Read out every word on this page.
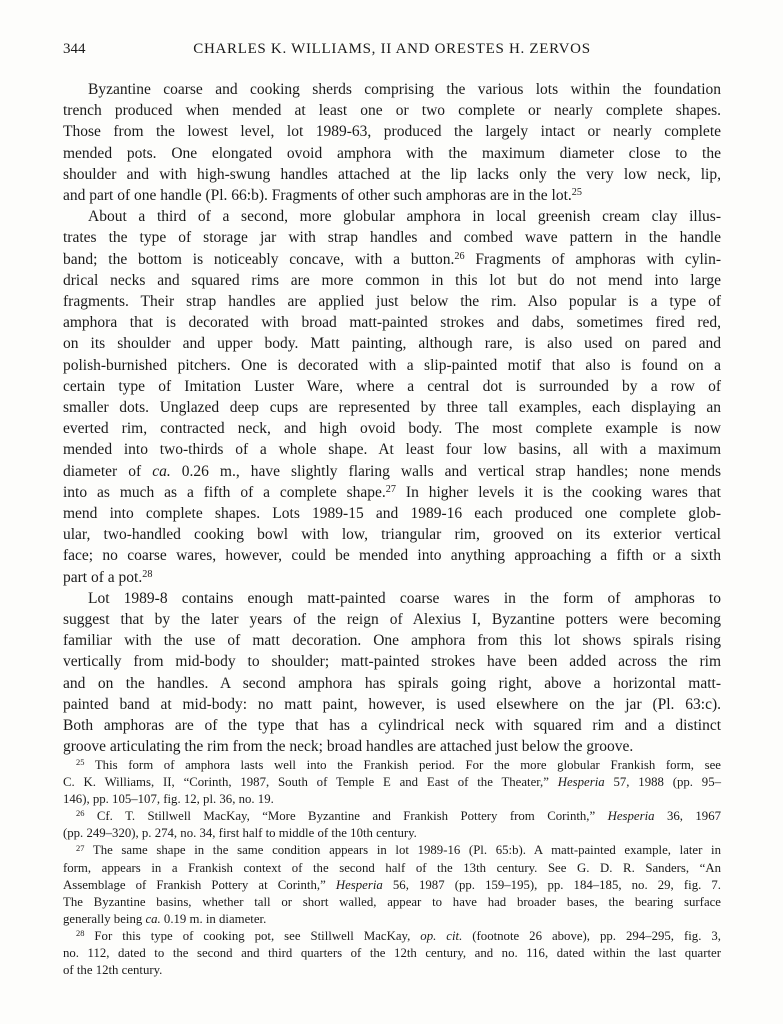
344	CHARLES K. WILLIAMS, II AND ORESTES H. ZERVOS
Byzantine coarse and cooking sherds comprising the various lots within the foundation
trench produced when mended at least one or two complete or nearly complete shapes.
Those from the lowest level, lot 1989-63, produced the largely intact or nearly complete
mended pots. One elongated ovoid amphora with the maximum diameter close to the
shoulder and with high-swung handles attached at the lip lacks only the very low neck, lip,
and part of one handle (Pl. 66:b). Fragments of other such amphoras are in the lot.$^{25}$
About a third of a second, more globular amphora in local greenish cream clay illus-
trates the type of storage jar with strap handles and combed wave pattern in the handle
band; the bottom is noticeably concave, with a button.$^{26}$ Fragments of amphoras with cylin-
drical necks and squared rims are more common in this lot but do not mend into large
fragments. Their strap handles are applied just below the rim. Also popular is a type of
amphora that is decorated with broad matt-painted strokes and dabs, sometimes fired red,
on its shoulder and upper body. Matt painting, although rare, is also used on pared and
polish-burnished pitchers. One is decorated with a slip-painted motif that also is found on a
certain type of Imitation Luster Ware, where a central dot is surrounded by a row of
smaller dots. Unglazed deep cups are represented by three tall examples, each displaying an
everted rim, contracted neck, and high ovoid body. The most complete example is now
mended into two-thirds of a whole shape. At least four low basins, all with a maximum
diameter of ca. 0.26 m., have slightly flaring walls and vertical strap handles; none mends
into as much as a fifth of a complete shape.$^{27}$ In higher levels it is the cooking wares that
mend into complete shapes. Lots 1989-15 and 1989-16 each produced one complete glob-
ular, two-handled cooking bowl with low, triangular rim, grooved on its exterior vertical
face; no coarse wares, however, could be mended into anything approaching a fifth or a sixth
part of a pot.$^{28}$
Lot 1989-8 contains enough matt-painted coarse wares in the form of amphoras to
suggest that by the later years of the reign of Alexius I, Byzantine potters were becoming
familiar with the use of matt decoration. One amphora from this lot shows spirals rising
vertically from mid-body to shoulder; matt-painted strokes have been added across the rim
and on the handles. A second amphora has spirals going right, above a horizontal matt-
painted band at mid-body: no matt paint, however, is used elsewhere on the jar (Pl. 63:c).
Both amphoras are of the type that has a cylindrical neck with squared rim and a distinct
groove articulating the rim from the neck; broad handles are attached just below the groove.
$^{25}$ This form of amphora lasts well into the Frankish period. For the more globular Frankish form, see
C. K. Williams, II, “Corinth, 1987, South of Temple E and East of the Theater,” Hesperia 57, 1988 (pp. 95–
146), pp. 105–107, fig. 12, pl. 36, no. 19.
$^{26}$ Cf. T. Stillwell MacKay, “More Byzantine and Frankish Pottery from Corinth,” Hesperia 36, 1967
(pp. 249–320), p. 274, no. 34, first half to middle of the 10th century.
$^{27}$ The same shape in the same condition appears in lot 1989-16 (Pl. 65:b). A matt-painted example, later in
form, appears in a Frankish context of the second half of the 13th century. See G. D. R. Sanders, “An
Assemblage of Frankish Pottery at Corinth,” Hesperia 56, 1987 (pp. 159–195), pp. 184–185, no. 29, fig. 7.
The Byzantine basins, whether tall or short walled, appear to have had broader bases, the bearing surface
generally being ca. 0.19 m. in diameter.
$^{28}$ For this type of cooking pot, see Stillwell MacKay, op. cit. (footnote 26 above), pp. 294–295, fig. 3,
no. 112, dated to the second and third quarters of the 12th century, and no. 116, dated within the last quarter
of the 12th century.
